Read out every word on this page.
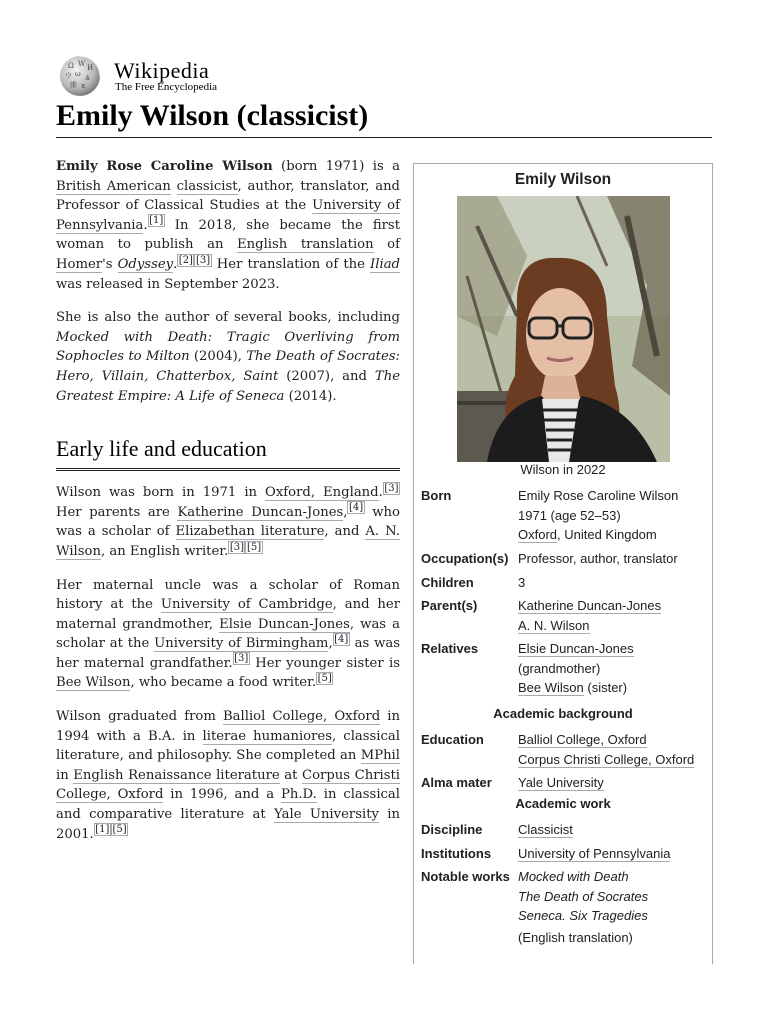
Ω W И
ウ ω Ѧ
維 ธ
Wikipedia
The Free Encyclopedia
Emily Wilson (classicist)

Emily Rose Caroline Wilson (born 1971) is a British American classicist, author, translator, and Professor of Classical Studies at the University of Pennsylvania. [1] In 2018, she became the first woman to publish an English translation of Homer's Odyssey. [2] [3] Her translation of the Iliad was released in September 2023.

She is also the author of several books, including Mocked with Death: Tragic Overliving from Sophocles to Milton (2004), The Death of Socrates: Hero, Villain, Chatterbox, Saint (2007), and The Greatest Empire: A Life of Seneca (2014).

Early life and education

Wilson was born in 1971 in Oxford, England. [3] Her parents are Katherine Duncan-Jones, [4] who was a scholar of Elizabethan literature, and A. N. Wilson, an English writer. [3] [5]

Her maternal uncle was a scholar of Roman history at the University of Cambridge, and her maternal grandmother, Elsie Duncan-Jones, was a scholar at the University of Birmingham, [4] as was her maternal grandfather. [3] Her younger sister is Bee Wilson, who became a food writer. [5]

Wilson graduated from Balliol College, Oxford in 1994 with a B.A. in literae humaniores, classical literature, and philosophy. She completed an MPhil in English Renaissance literature at Corpus Christi College, Oxford in 1996, and a Ph.D. in classical and comparative literature at Yale University in 2001. [1] [5]

Emily Wilson
Wilson in 2022
Born	Emily Rose Caroline Wilson
1971 (age 52–53)
Oxford, United Kingdom
Occupation(s) Professor, author, translator
Children	3
Parent(s)	Katherine Duncan-Jones
A. N. Wilson
Relatives	Elsie Duncan-Jones
(grandmother)
Bee Wilson (sister)
Academic background
Education	Balliol College, Oxford
Corpus Christi College, Oxford
Alma mater	Yale University
Academic work
Discipline	Classicist
Institutions	University of Pennsylvania
Notable works Mocked with Death
The Death of Socrates
Seneca. Six Tragedies
(English translation)
